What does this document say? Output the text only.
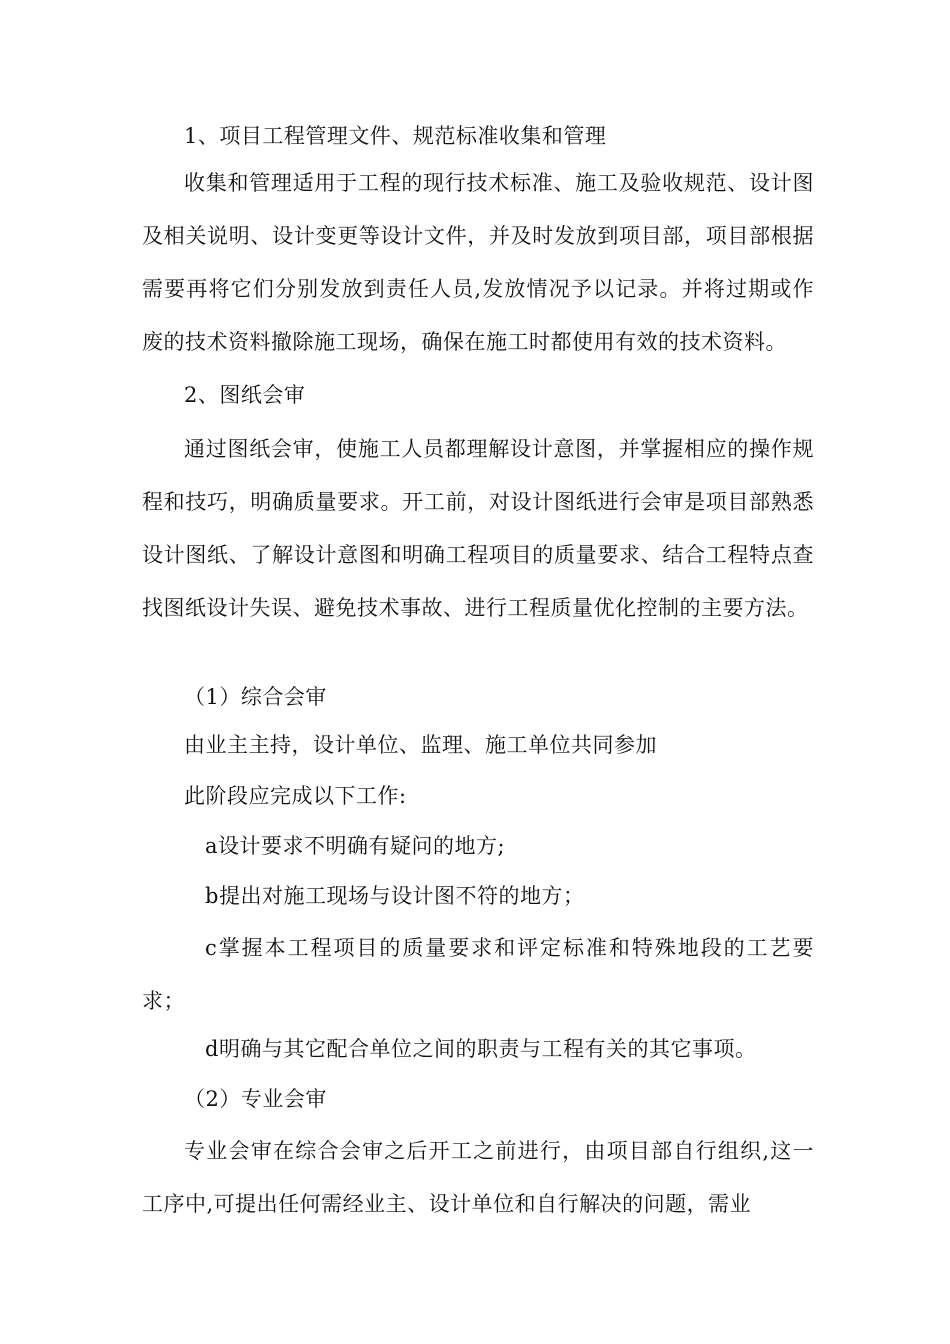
1、项目工程管理文件、规范标准收集和管理

收集和管理适用于工程的现行技术标准、施工及验收规范、设计图及相关说明、设计变更等设计文件，并及时发放到项目部，项目部根据需要再将它们分别发放到责任人员,发放情况予以记录。并将过期或作废的技术资料撤除施工现场，确保在施工时都使用有效的技术资料。

2、图纸会审

通过图纸会审，使施工人员都理解设计意图，并掌握相应的操作规程和技巧，明确质量要求。开工前，对设计图纸进行会审是项目部熟悉设计图纸、了解设计意图和明确工程项目的质量要求、结合工程特点查找图纸设计失误、避免技术事故、进行工程质量优化控制的主要方法。

（1）综合会审

由业主主持，设计单位、监理、施工单位共同参加

此阶段应完成以下工作:

a设计要求不明确有疑问的地方;

b提出对施工现场与设计图不符的地方；

c掌握本工程项目的质量要求和评定标准和特殊地段的工艺要求；

d明确与其它配合单位之间的职责与工程有关的其它事项。

（2）专业会审

专业会审在综合会审之后开工之前进行，由项目部自行组织,这一工序中,可提出任何需经业主、设计单位和自行解决的问题，需业
